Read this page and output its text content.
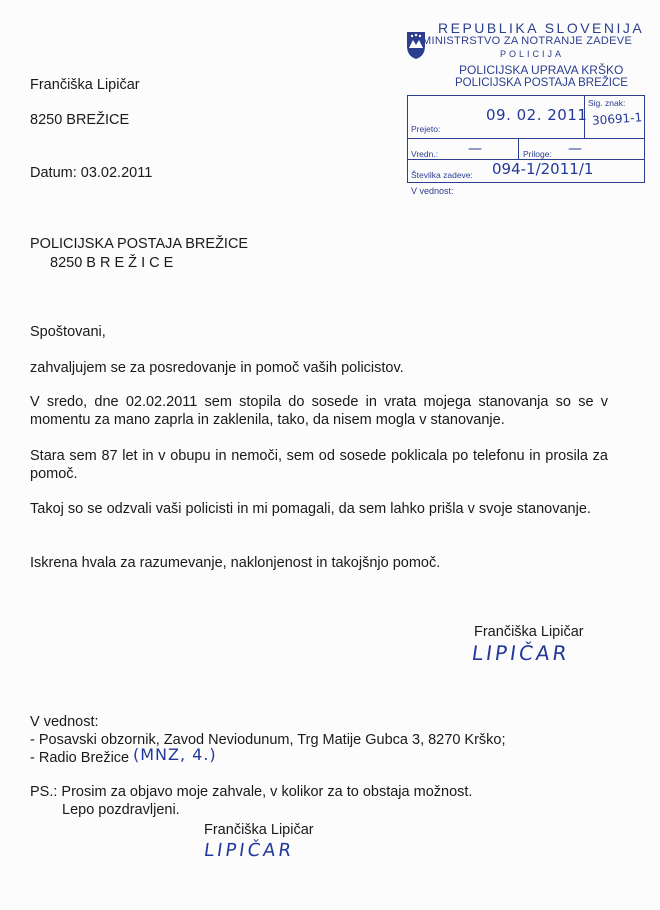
REPUBLIKA SLOVENIJA
MINISTRSTVO ZA NOTRANJE ZADEVE
POLICIJA
POLICIJSKA UPRAVA KRŠKO
POLICIJSKA POSTAJA BREŽICE
Prejeto:
09. 02. 2011
Sig. znak:
30691-1
Vredn.: —	Priloge: —
Številka zadeve: 094-1/2011/1
V vednost:
Frančiška Lipičar
8250 BREŽICE
Datum: 03.02.2011
POLICIJSKA POSTAJA BREŽICE
8250 B R E Ž I C E
Spoštovani,
zahvaljujem se za posredovanje in pomoč vaših policistov.
V sredo, dne 02.02.2011 sem stopila do sosede in vrata mojega stanovanja so se v momentu za mano zaprla in zaklenila, tako, da nisem mogla v stanovanje.
Stara sem 87 let in v obupu in nemoči, sem od sosede poklicala po telefonu in prosila za pomoč.
Takoj so se odzvali vaši policisti in mi pomagali, da sem lahko prišla v svoje stanovanje.
Iskrena hvala za razumevanje, naklonjenost in takojšnjo pomoč.
Frančiška Lipičar
LIPIČAR
V vednost:
- Posavski obzornik, Zavod Neviodunum, Trg Matije Gubca 3, 8270 Krško;
- Radio Brežice (MNZ, 4.)
PS.: Prosim za objavo moje zahvale, v kolikor za to obstaja možnost.
Lepo pozdravljeni.
Frančiška Lipičar
LIPIČAR
